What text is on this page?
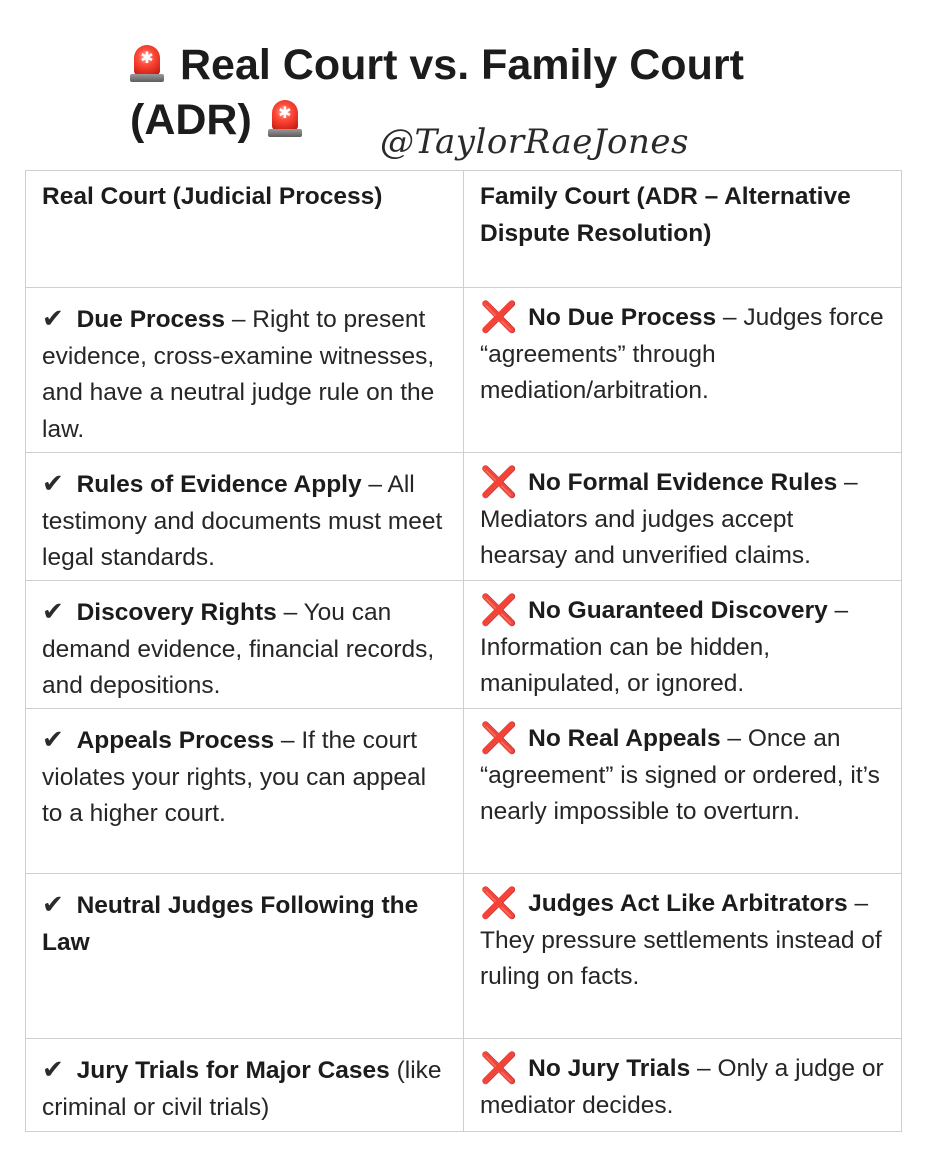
✱ Real Court vs. Family Court
(ADR) ✱
@TaylorRaeJones
Real Court (Judicial Process)	Family Court (ADR – Alternative Dispute Resolution)
✔ Due Process – Right to present evidence, cross-examine witnesses, and have a neutral judge rule on the law.	❌ No Due Process – Judges force “agreements” through mediation/arbitration.
✔ Rules of Evidence Apply – All testimony and documents must meet legal standards.	❌ No Formal Evidence Rules – Mediators and judges accept hearsay and unverified claims.
✔ Discovery Rights – You can demand evidence, financial records, and depositions.	❌ No Guaranteed Discovery – Information can be hidden, manipulated, or ignored.
✔ Appeals Process – If the court violates your rights, you can appeal to a higher court.	❌ No Real Appeals – Once an “agreement” is signed or ordered, it’s nearly impossible to overturn.
✔ Neutral Judges Following the Law	❌ Judges Act Like Arbitrators – They pressure settlements instead of ruling on facts.
✔ Jury Trials for Major Cases (like criminal or civil trials)	❌ No Jury Trials – Only a judge or mediator decides.
